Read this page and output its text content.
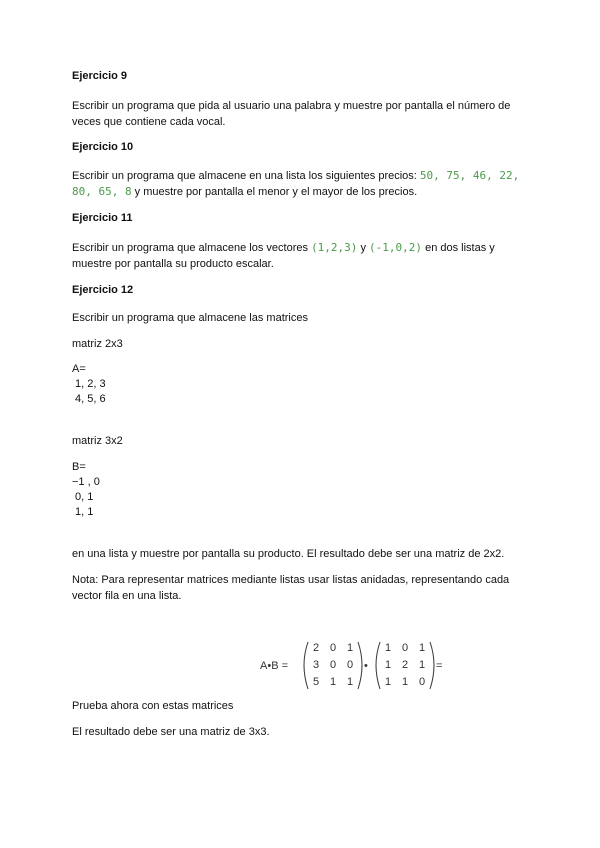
Ejercicio 9
Escribir un programa que pida al usuario una palabra y muestre por pantalla el número de veces que contiene cada vocal.
Ejercicio 10
Escribir un programa que almacene en una lista los siguientes precios: 50, 75, 46, 22, 80, 65, 8 y muestre por pantalla el menor y el mayor de los precios.
Ejercicio 11
Escribir un programa que almacene los vectores (1,2,3) y (-1,0,2) en dos listas y muestre por pantalla su producto escalar.
Ejercicio 12
Escribir un programa que almacene las matrices
matriz 2x3
A=
1, 2, 3
4, 5, 6
matriz 3x2
B=
−1 , 0
0, 1
1, 1
en una lista y muestre por pantalla su producto. El resultado debe ser una matriz de 2x2.
Nota: Para representar matrices mediante listas usar listas anidadas, representando cada vector fila en una lista.
Prueba ahora con estas matrices
El resultado debe ser una matriz de 3x3.
A•B =
2 0 1
3 0 0
5 1 1
•
1 0 1
1 2 1
1 1 0
=
